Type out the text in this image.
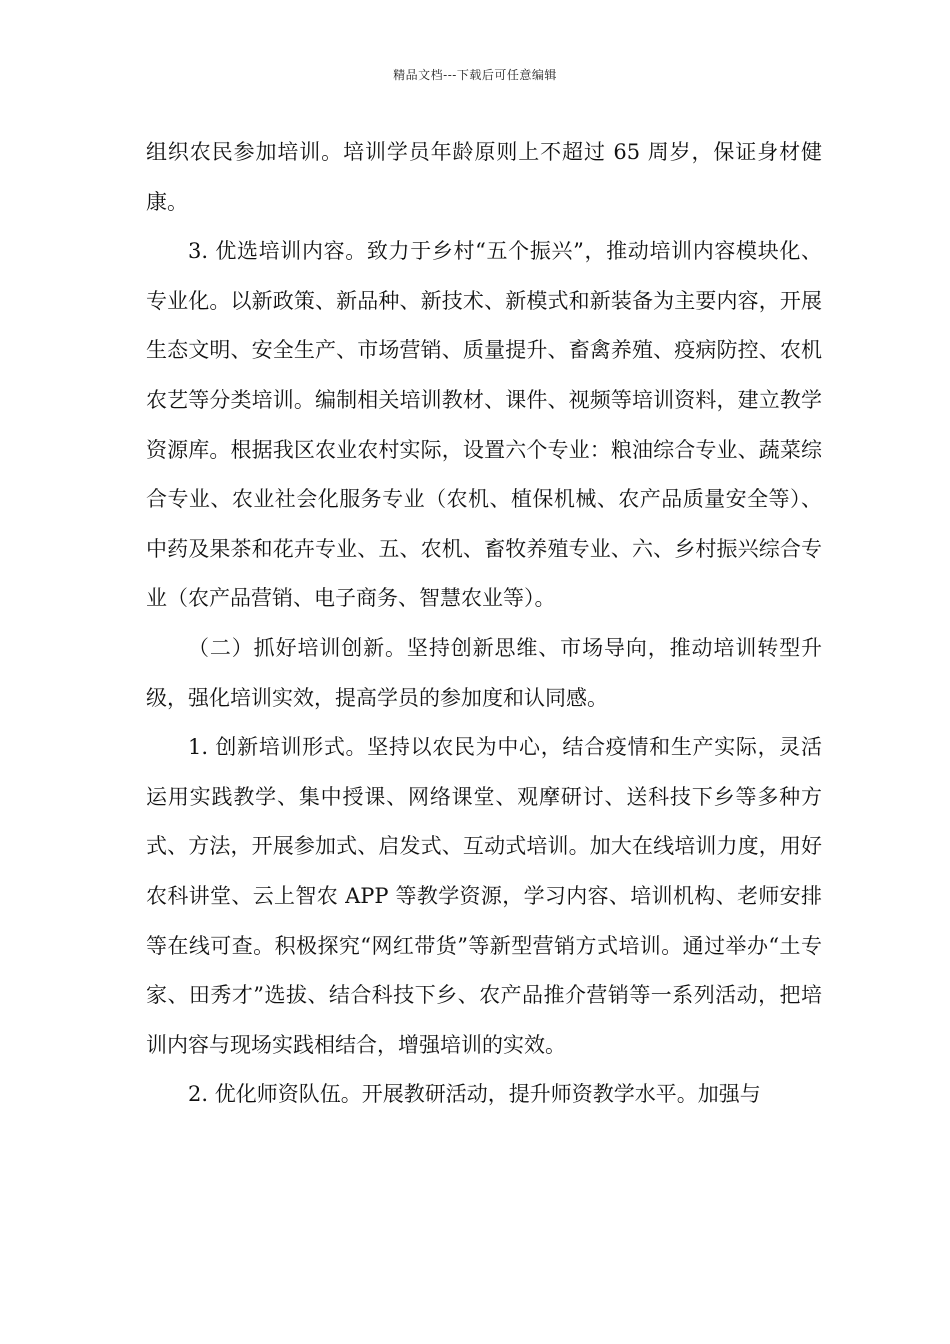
精品文档---下载后可任意编辑

组织农民参加培训。培训学员年龄原则上不超过 65 周岁，保证身材健康。

3. 优选培训内容。致力于乡村“五个振兴”，推动培训内容模块化、专业化。以新政策、新品种、新技术、新模式和新装备为主要内容，开展生态文明、安全生产、市场营销、质量提升、畜禽养殖、疫病防控、农机农艺等分类培训。编制相关培训教材、课件、视频等培训资料，建立教学资源库。根据我区农业农村实际，设置六个专业：粮油综合专业、蔬菜综合专业、农业社会化服务专业（农机、植保机械、农产品质量安全等）、中药及果茶和花卉专业、五、农机、畜牧养殖专业、六、乡村振兴综合专业（农产品营销、电子商务、智慧农业等）。

（二）抓好培训创新。坚持创新思维、市场导向，推动培训转型升级，强化培训实效，提高学员的参加度和认同感。

1. 创新培训形式。坚持以农民为中心，结合疫情和生产实际，灵活运用实践教学、集中授课、网络课堂、观摩研讨、送科技下乡等多种方式、方法，开展参加式、启发式、互动式培训。加大在线培训力度，用好农科讲堂、云上智农 APP 等教学资源，学习内容、培训机构、老师安排等在线可查。积极探究“网红带货”等新型营销方式培训。通过举办“土专家、田秀才”选拔、结合科技下乡、农产品推介营销等一系列活动，把培训内容与现场实践相结合，增强培训的实效。

2. 优化师资队伍。开展教研活动，提升师资教学水平。加强与
